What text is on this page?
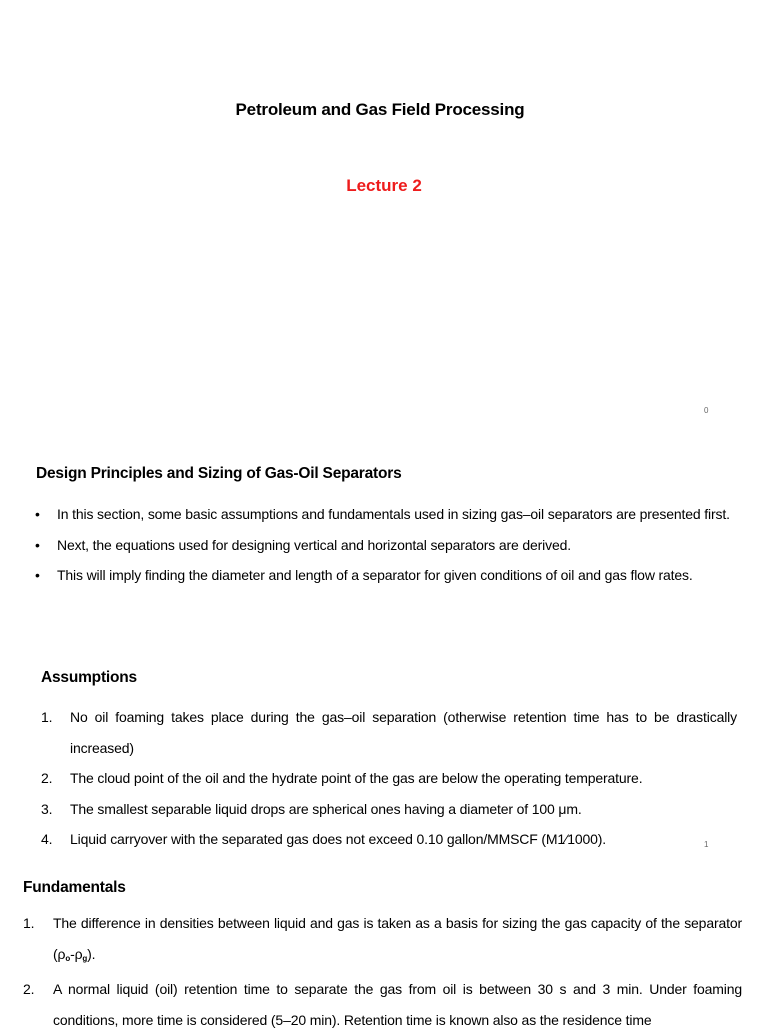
Petroleum and Gas Field Processing
Lecture 2
0
Design Principles and Sizing of Gas-Oil Separators
• In this section, some basic assumptions and fundamentals used in sizing gas–oil separators are presented first.
• Next, the equations used for designing vertical and horizontal separators are derived.
• This will imply finding the diameter and length of a separator for given conditions of oil and gas flow rates.
Assumptions
1. No oil foaming takes place during the gas–oil separation (otherwise retention time has to be drastically increased)
2. The cloud point of the oil and the hydrate point of the gas are below the operating temperature.
3. The smallest separable liquid drops are spherical ones having a diameter of 100 μm.
4. Liquid carryover with the separated gas does not exceed 0.10 gallon/MMSCF (M1⁄1000).	1
Fundamentals
1. The difference in densities between liquid and gas is taken as a basis for sizing the gas capacity of the separator $(\rho_o-\rho_g)$.
2. A normal liquid (oil) retention time to separate the gas from oil is between 30 s and 3 min. Under foaming conditions, more time is considered (5–20 min). Retention time is known also as the residence time
